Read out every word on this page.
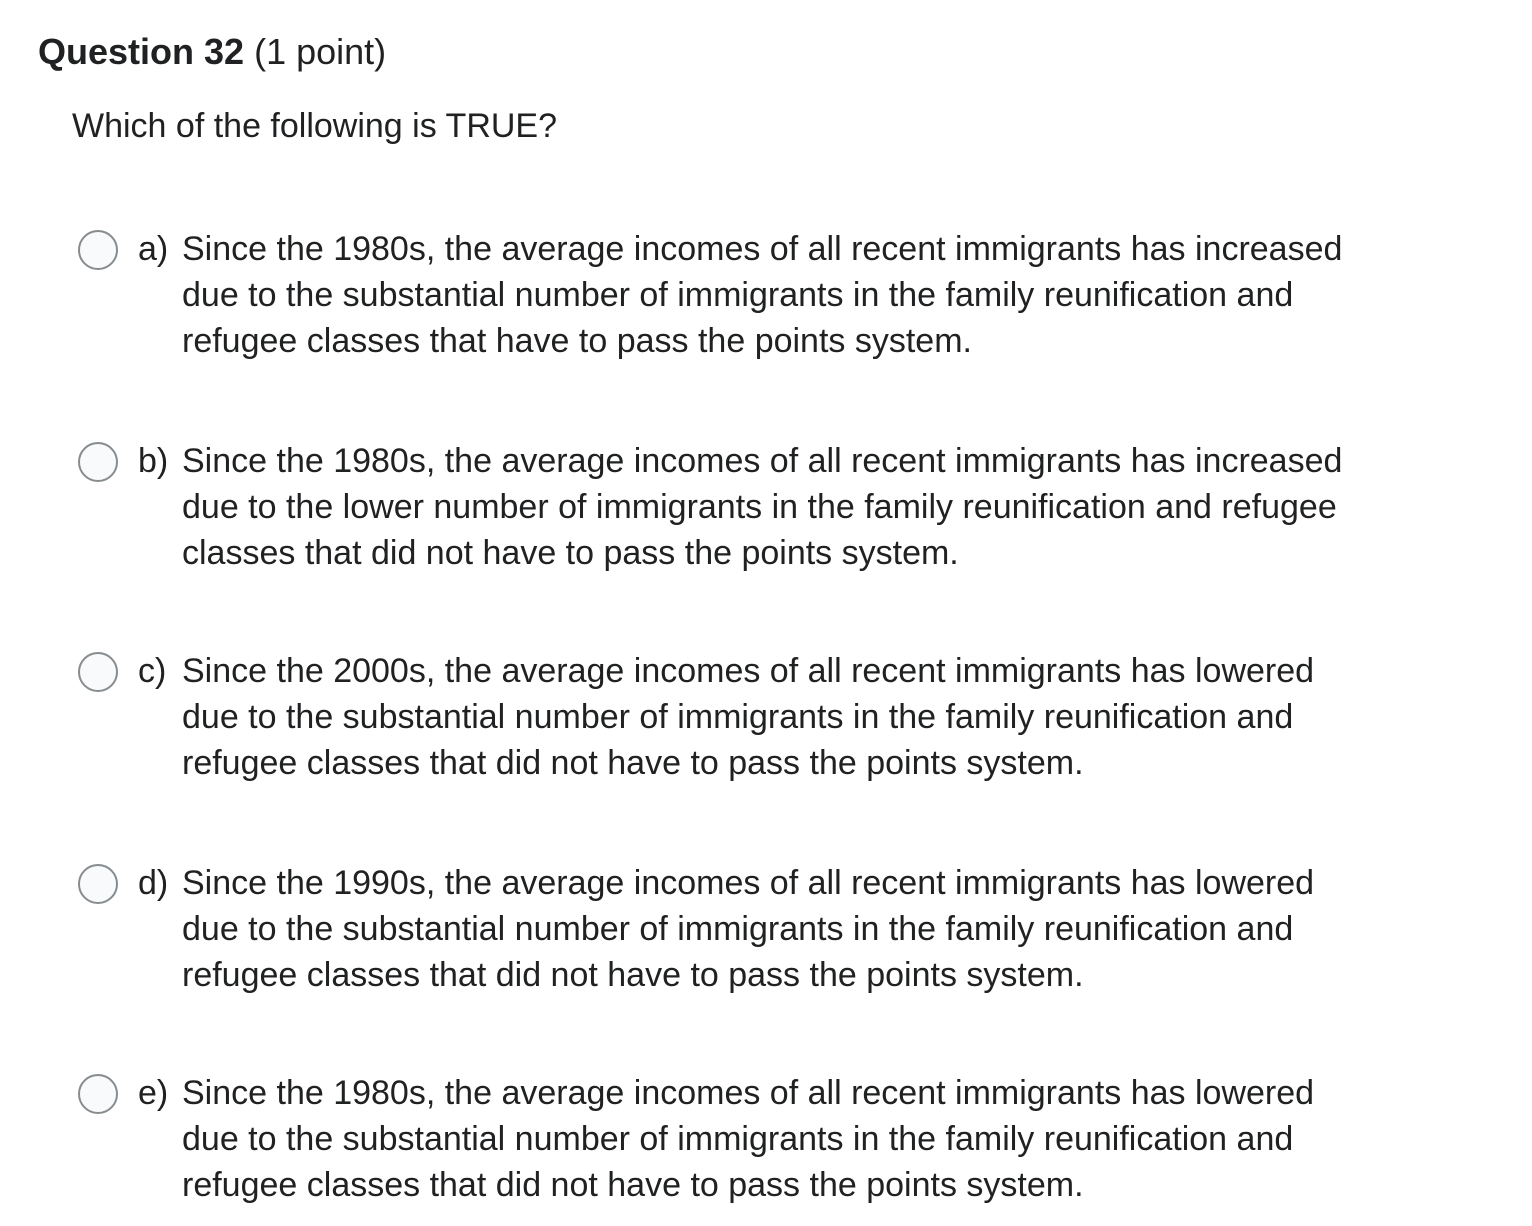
Question 32 (1 point)
Which of the following is TRUE?
a) Since the 1980s, the average incomes of all recent immigrants has increased
due to the substantial number of immigrants in the family reunification and
refugee classes that have to pass the points system.
b) Since the 1980s, the average incomes of all recent immigrants has increased
due to the lower number of immigrants in the family reunification and refugee
classes that did not have to pass the points system.
c) Since the 2000s, the average incomes of all recent immigrants has lowered
due to the substantial number of immigrants in the family reunification and
refugee classes that did not have to pass the points system.
d) Since the 1990s, the average incomes of all recent immigrants has lowered
due to the substantial number of immigrants in the family reunification and
refugee classes that did not have to pass the points system.
e) Since the 1980s, the average incomes of all recent immigrants has lowered
due to the substantial number of immigrants in the family reunification and
refugee classes that did not have to pass the points system.
